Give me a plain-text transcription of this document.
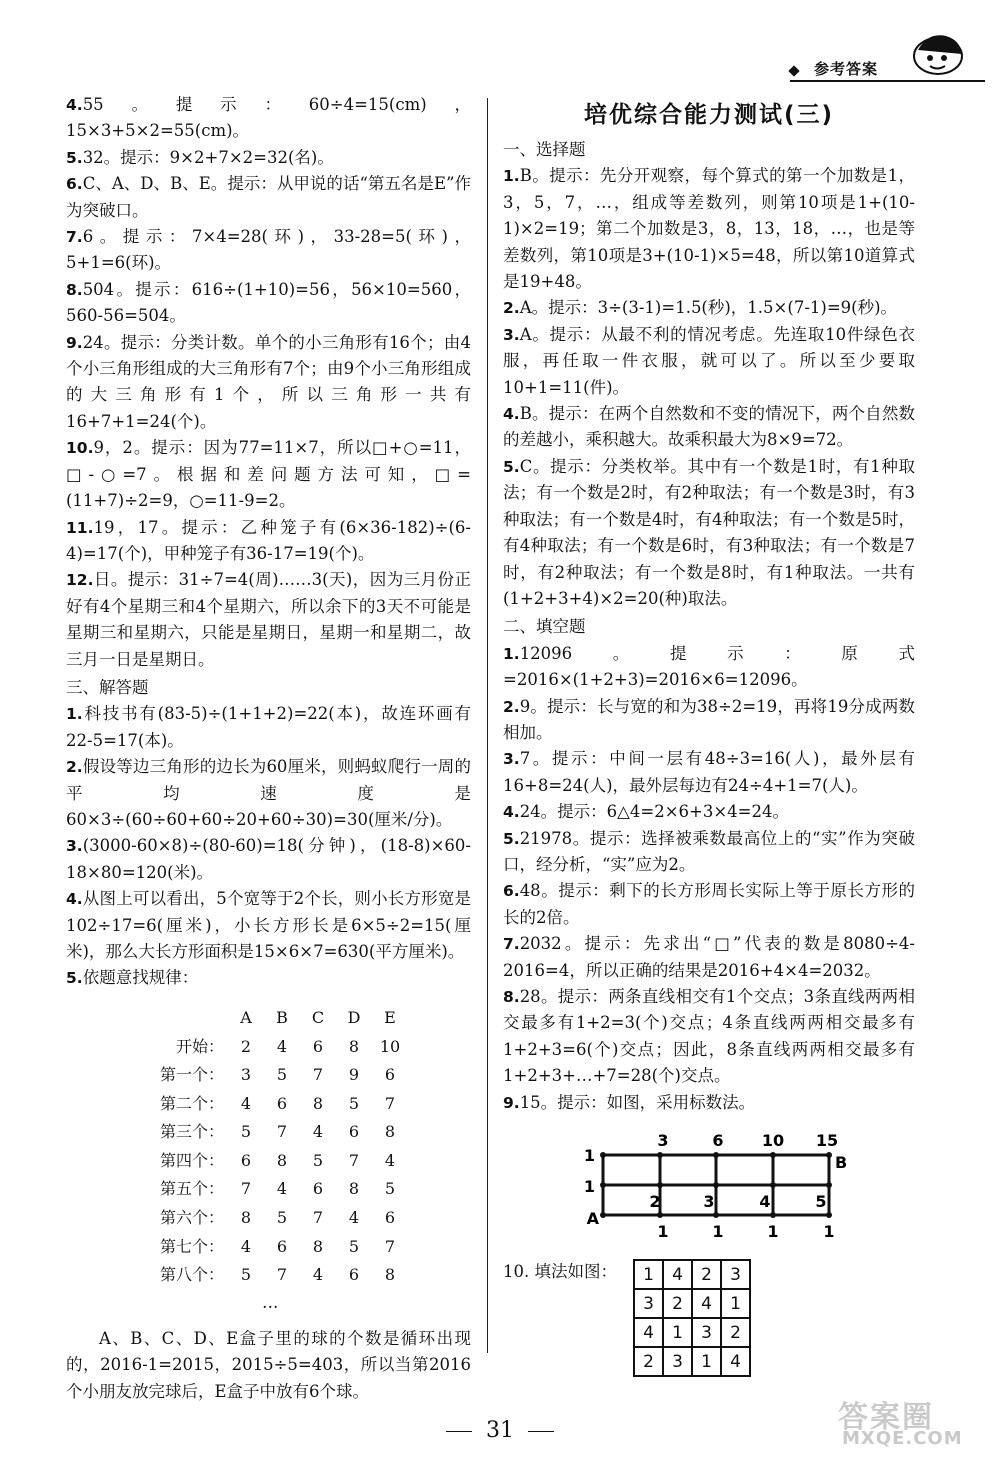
参考答案

4.55。提示：60÷4=15(cm)，15×3+5×2=55(cm)。

5.32。提示：9×2+7×2=32(名)。

6.C、A、D、B、E。提示：从甲说的话“第五名是E”作为突破口。

7.6。提示：7×4=28(环)，33-28=5(环)，5+1=6(环)。

8.504。提示：616÷(1+10)=56，56×10=560，560-56=504。

9.24。提示：分类计数。单个的小三角形有16个；由4个小三角形组成的大三角形有7个；由9个小三角形组成的大三角形有1个，所以三角形一共有16+7+1=24(个)。

10.9，2。提示：因为77=11×7，所以□+○=11，□-○=7。根据和差问题方法可知，□=(11+7)÷2=9，○=11-9=2。

11.19，17。提示：乙种笼子有(6×36-182)÷(6-4)=17(个)，甲种笼子有36-17=19(个)。

12.日。提示：31÷7=4(周)……3(天)，因为三月份正好有4个星期三和4个星期六，所以余下的3天不可能是星期三和星期六，只能是星期日，星期一和星期二，故三月一日是星期日。

三、解答题

1.科技书有(83-5)÷(1+1+2)=22(本)，故连环画有22-5=17(本)。

2.假设等边三角形的边长为60厘米，则蚂蚁爬行一周的平均速度是60×3÷(60÷60+60÷20+60÷30)=30(厘米/分)。

3.(3000-60×8)÷(80-60)=18(分钟)，(18-8)×60-18×80=120(米)。

4.从图上可以看出，5个宽等于2个长，则小长方形宽是102÷17=6(厘米)，小长方形长是6×5÷2=15(厘米)，那么大长方形面积是15×6×7=630(平方厘米)。

5.依题意找规律：

	A	B	C	D	E
开始：	2	4	6	8	10
第一个：	3	5	7	9	6
第二个：	4	6	8	5	7
第三个：	5	7	4	6	8
第四个：	6	8	5	7	4
第五个：	7	4	6	8	5
第六个：	8	5	7	4	6
第七个：	4	6	8	5	7
第八个：	5	7	4	6	8
…

A、B、C、D、E盒子里的球的个数是循环出现的，2016-1=2015，2015÷5=403，所以当第2016个小朋友放完球后，E盒子中放有6个球。

培优综合能力测试(三)

一、选择题

1.B。提示：先分开观察，每个算式的第一个加数是1，3，5，7，…，组成等差数列，则第10项是1+(10-1)×2=19；第二个加数是3，8，13，18，…，也是等差数列，第10项是3+(10-1)×5=48，所以第10道算式是19+48。

2.A。提示：3÷(3-1)=1.5(秒)，1.5×(7-1)=9(秒)。

3.A。提示：从最不利的情况考虑。先连取10件绿色衣服，再任取一件衣服，就可以了。所以至少要取10+1=11(件)。

4.B。提示：在两个自然数和不变的情况下，两个自然数的差越小，乘积越大。故乘积最大为8×9=72。

5.C。提示：分类枚举。其中有一个数是1时，有1种取法；有一个数是2时，有2种取法；有一个数是3时，有3种取法；有一个数是4时，有4种取法；有一个数是5时，有4种取法；有一个数是6时，有3种取法；有一个数是7时，有2种取法；有一个数是8时，有1种取法。一共有(1+2+3+4)×2=20(种)取法。

二、填空题

1.12096。提示：原式=2016×(1+2+3)=2016×6=12096。

2.9。提示：长与宽的和为38÷2=19，再将19分成两数相加。

3.7。提示：中间一层有48÷3=16(人)，最外层有16+8=24(人)，最外层每边有24÷4+1=7(人)。

4.24。提示：6△4=2×6+3×4=24。

5.21978。提示：选择被乘数最高位上的“实”作为突破口，经分析，“实”应为2。

6.48。提示：剩下的长方形周长实际上等于原长方形的长的2倍。

7.2032。提示：先求出“□”代表的数是8080÷4-2016=4，所以正确的结果是2016+4×4=2032。

8.28。提示：两条直线相交有1个交点；3条直线两两相交最多有1+2=3(个)交点；4条直线两两相交最多有1+2+3=6(个)交点；因此，8条直线两两相交最多有1+2+3+…+7=28(个)交点。

9.15。提示：如图，采用标数法。

3	6 10 15
2	3	4	5
1	1	1	1
1
1
A
B
10. 填法如图： 1	4	2	3
3	2	4	1
4	1	3	2
2	3	1	4
31	答案圈
MXQE.COM
